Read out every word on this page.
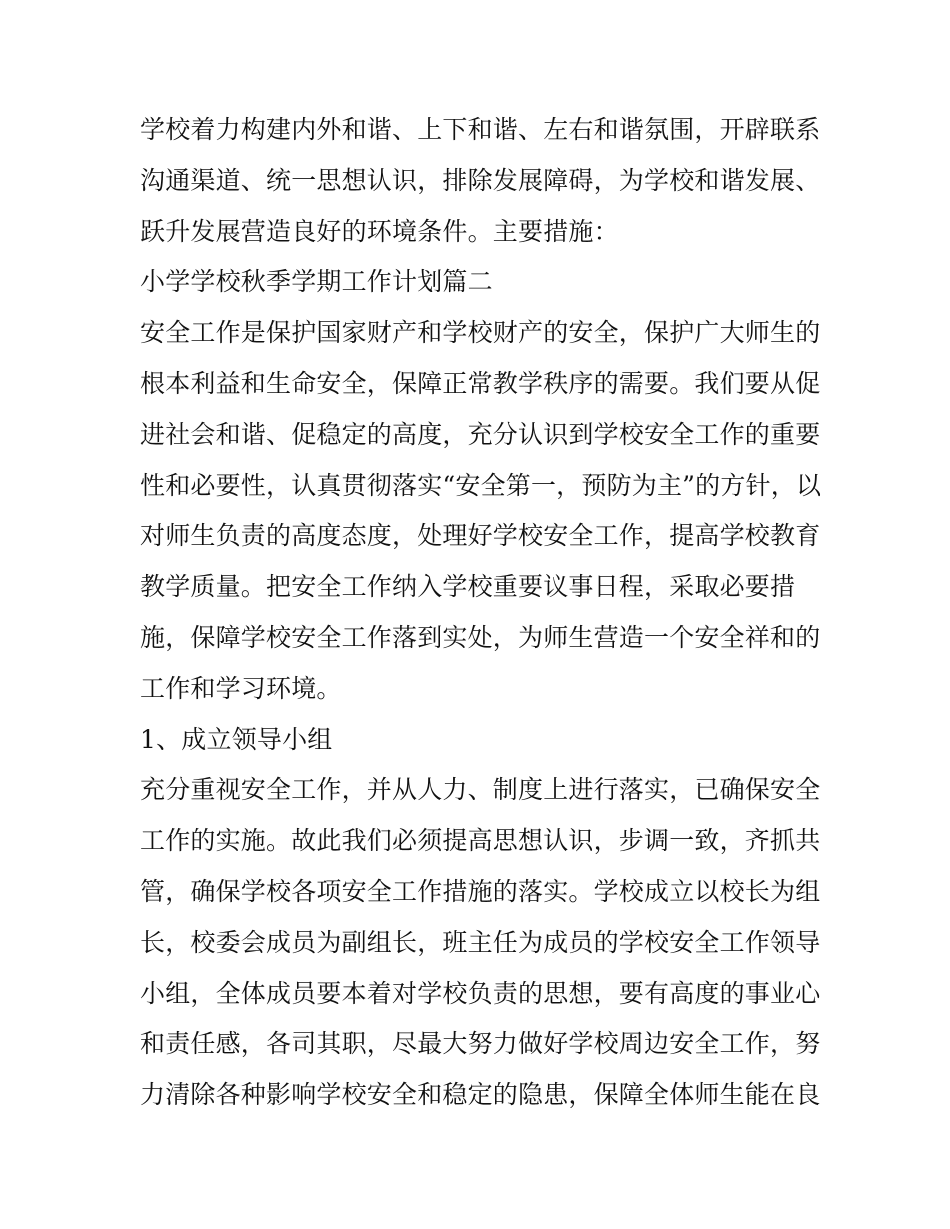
学校着力构建内外和谐、上下和谐、左右和谐氛围，开辟联系
沟通渠道、统一思想认识，排除发展障碍，为学校和谐发展、
跃升发展营造良好的环境条件。主要措施：
小学学校秋季学期工作计划篇二
安全工作是保护国家财产和学校财产的安全，保护广大师生的
根本利益和生命安全，保障正常教学秩序的需要。我们要从促
进社会和谐、促稳定的高度，充分认识到学校安全工作的重要
性和必要性，认真贯彻落实“安全第一，预防为主”的方针，以
对师生负责的高度态度，处理好学校安全工作，提高学校教育
教学质量。把安全工作纳入学校重要议事日程，采取必要措
施，保障学校安全工作落到实处，为师生营造一个安全祥和的
工作和学习环境。
1、成立领导小组
充分重视安全工作，并从人力、制度上进行落实，已确保安全
工作的实施。故此我们必须提高思想认识，步调一致，齐抓共
管，确保学校各项安全工作措施的落实。学校成立以校长为组
长，校委会成员为副组长，班主任为成员的学校安全工作领导
小组，全体成员要本着对学校负责的思想，要有高度的事业心
和责任感，各司其职，尽最大努力做好学校周边安全工作，努
力清除各种影响学校安全和稳定的隐患，保障全体师生能在良
